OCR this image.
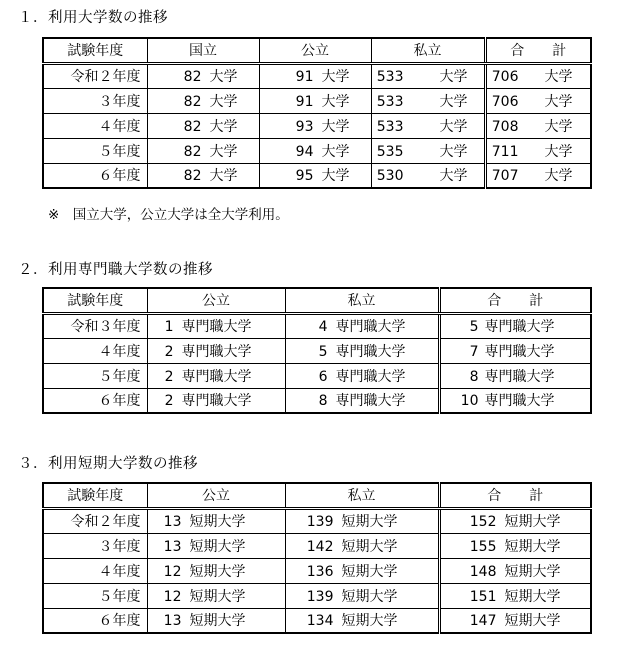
１．利用大学数の推移
試験年度	国立	公立	私立	合　　計
令和２年度	82 大学	91 大学	533 大学	706 大学
３年度	82 大学	91 大学	533 大学	706 大学
４年度	82 大学	93 大学	533 大学	708 大学
５年度	82 大学	94 大学	535 大学	711 大学
６年度	82 大学	95 大学	530 大学	707 大学
※　国立大学，公立大学は全大学利用。
２．利用専門職大学数の推移
試験年度	公立	私立	合　　計
令和３年度	1 専門職大学	4 専門職大学	5 専門職大学
４年度	2 専門職大学	5 専門職大学	7 専門職大学
５年度	2 専門職大学	6 専門職大学	8 専門職大学
６年度	2 専門職大学	8 専門職大学	10 専門職大学
３．利用短期大学数の推移
試験年度	公立	私立	合　　計
令和２年度	13 短期大学	139 短期大学	152 短期大学
３年度	13 短期大学	142 短期大学	155 短期大学
４年度	12 短期大学	136 短期大学	148 短期大学
５年度	12 短期大学	139 短期大学	151 短期大学
６年度	13 短期大学	134 短期大学	147 短期大学
